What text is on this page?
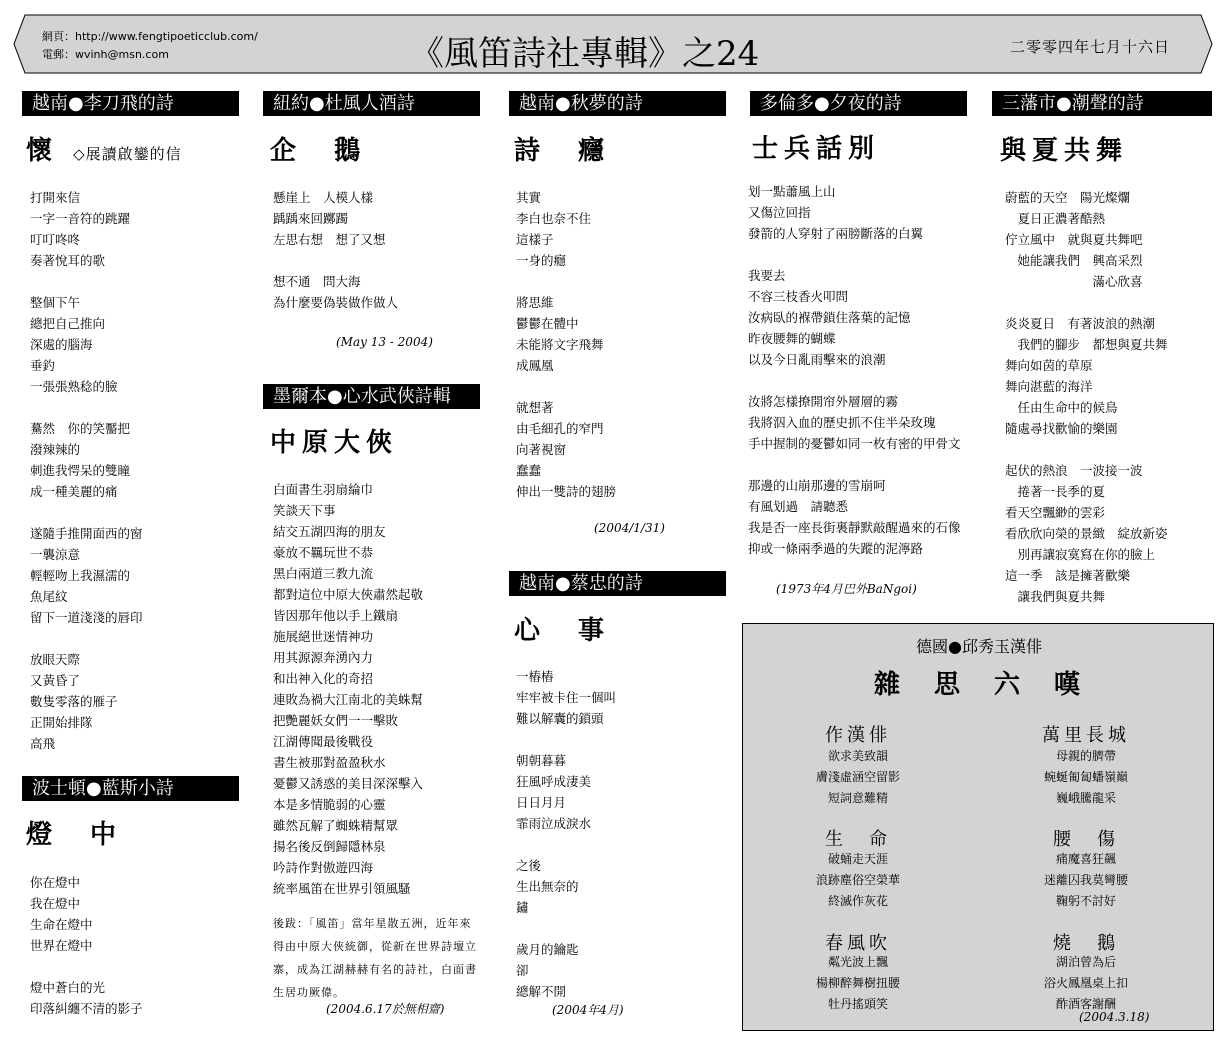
網頁：http://www.fengtipoeticclub.com/
電郵：wvinh@msn.com	《風笛詩社專輯》之24	二零零四年七月十六日
越南●李刀飛的詩
懷 ◇展讀啟鑾的信
打開來信
一字一音符的跳躍
叮叮咚咚
奏著悅耳的歌
整個下午
總把自己推向
深處的腦海
垂釣
一張張熟稔的臉
驀然　你的笑靨把
潑辣辣的
刺進我愕呆的雙瞳
成一種美麗的痛
遂隨手推開面西的窗
一襲涼意
輕輕吻上我濕濡的
魚尾紋
留下一道淺淺的唇印
放眼天際
又黃昏了
數隻零落的雁子
正開始排隊
高飛
波士頓●藍斯小詩
燈　中
你在燈中
我在燈中
生命在燈中
世界在燈中
燈中蒼白的光
印落糾纏不清的影子
紐約●杜風人酒詩
企　鵝
懸崖上　人模人樣
踽踽來回躑躅
左思右想　想了又想
想不通　問大海
為什麼要偽裝做作做人
(May 13 - 2004)
墨爾本●心水武俠詩輯
中原大俠
白面書生羽扇綸巾
笑談天下事
結交五湖四海的朋友
豪放不羈玩世不恭
黑白兩道三教九流
都對這位中原大俠肅然起敬
皆因那年他以手上鐵扇
施展絕世迷情神功
用其源源奔湧內力
和出神入化的奇招
連敗為禍大江南北的美蛛幫
把艷麗妖女們一一擊敗
江湖傳聞最後戰役
書生被那對盈盈秋水
憂鬱又誘惑的美目深深擊入
本是多情脆弱的心靈
雖然瓦解了蜘蛛精幫眾
揚名後反倒歸隱林泉
吟詩作對傲遊四海
統率風笛在世界引領風騷
後跋：「風笛」當年星散五洲，近年來得由中原大俠統御，從新在世界詩壇立寨，成為江湖赫赫有名的詩社，白面書生居功厥偉。
(2004.6.17於無相齋)
越南●秋夢的詩
詩　癮
其實
李白也奈不住
這樣子
一身的癮
將思維
鬱鬱在體中
未能將文字飛舞
成鳳凰
就想著
由毛細孔的窄門
向著視窗
蠢蠢
伸出一雙詩的翅膀
(2004/1/31)
越南●蔡忠的詩
心　事
一樁樁
牢牢被卡住一個叫
難以解囊的鎖頭
朝朝暮暮
狂風呼成淒美
日日月月
霏雨泣成淚水
之後
生出無奈的
鏽
歲月的鑰匙
卻
總解不開
(2004年4月)
多倫多●夕夜的詩
士兵話別
划一點蕭風上山
又傷泣回指
發箭的人穿射了兩膀斷落的白翼
我要去
不容三枝香火叩問
汝病臥的褓帶鎖住落葉的記憶
昨夜腰舞的蝴蝶
以及今日亂雨擊來的浪潮
汝將怎樣撩開帘外層層的霧
我將泅入血的歷史抓不住半朵玫瑰
手中握制的憂鬱如同一枚有密的甲骨文
那邊的山崩那邊的雪崩呵
有風划過　請聽悉
我是否一座長街裏靜默敲醒過來的石像
抑或一條兩季過的失蹤的泥濘路
(1973年4月巴外BaNgoi)
三藩市●潮聲的詩
與夏共舞
蔚藍的天空　陽光燦爛
　夏日正濃著酷熱
佇立風中　就與夏共舞吧
　她能讓我們　興高采烈
　　　　　　　滿心欣喜
炎炎夏日　有著波浪的熱潮
　我們的腳步　都想與夏共舞
舞向如茵的草原
舞向湛藍的海洋
　任由生命中的候鳥
隨處尋找歡愉的樂園
起伏的熱浪　一波接一波
　捲著一長季的夏
看天空飄緲的雲彩
看欣欣向榮的景緻　綻放新姿
　別再讓寂寞寫在你的臉上
這一季　該是擁著歡樂
　讓我們與夏共舞
德國●邱秀玉漢俳
雜　思　六　嘆
作漢俳
欲求美致韻
膚淺虛涵空留影
短詞意難精
萬里長城
母親的臍帶
蜿蜒匍匐蟠嶺巔
巍峨騰龍采
生　命
破蛹走天涯
浪跡塵俗空榮華
終滅作灰花
腰　傷
痛魔喜狂飆
迷離囚我莫彎腰
鞠躬不討好
春風吹
粼光波上飄
楊柳醉舞樹扭腰
牡丹搖頭笑
燒　鵝
湖泊曾為后
浴火鳳凰桌上扣
酢酒客謝酬
(2004.3.18)
